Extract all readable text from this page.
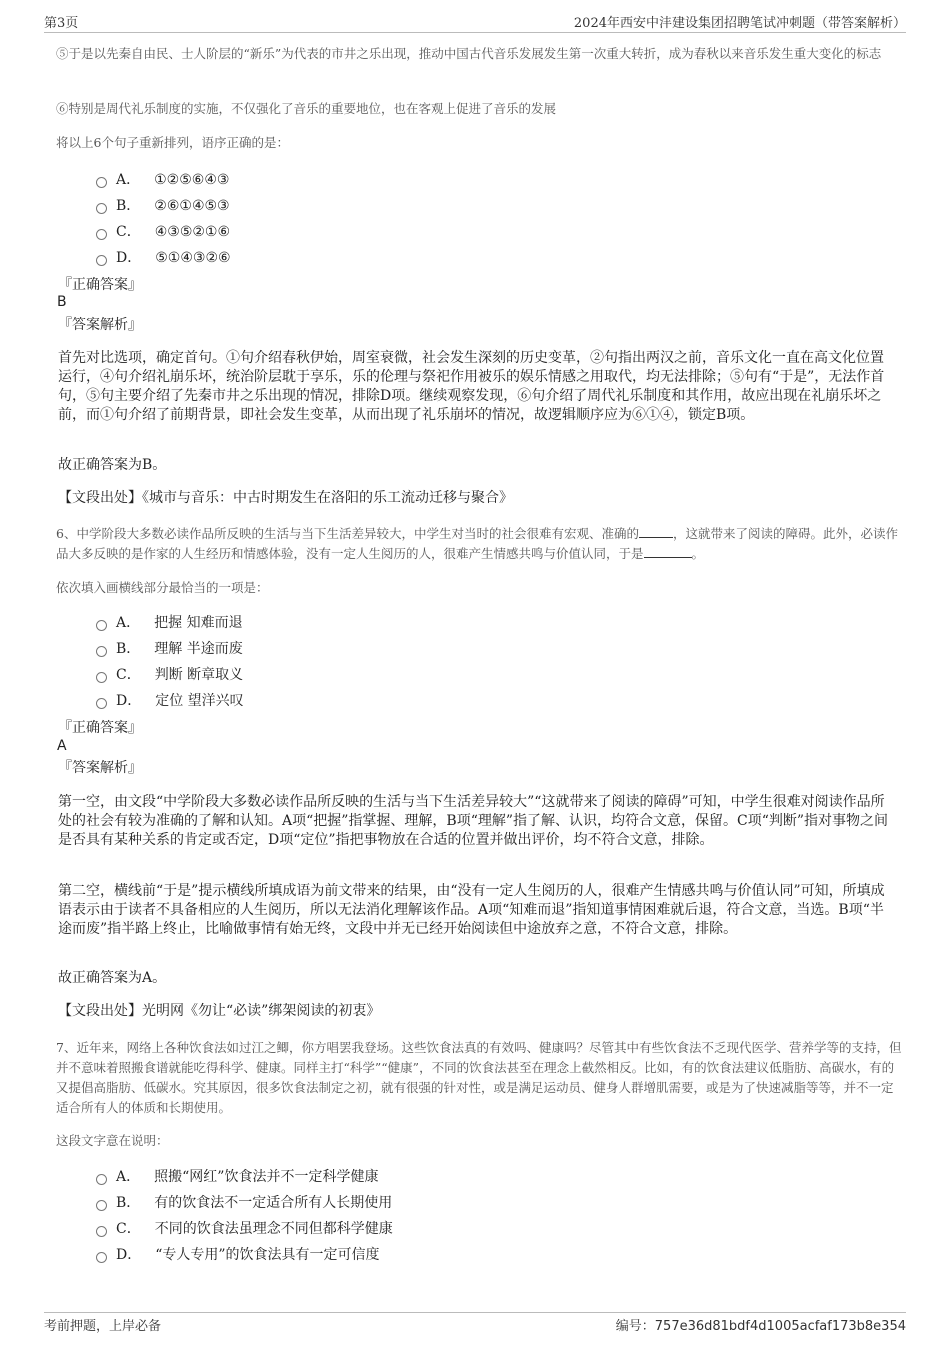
第3页	2024年西安中沣建设集团招聘笔试冲刺题（带答案解析）
⑤于是以先秦自由民、士人阶层的“新乐”为代表的市井之乐出现，推动中国古代音乐发展发生第一次重大转折，成为春秋以来音乐发生重大变化的标志
⑥特别是周代礼乐制度的实施，不仅强化了音乐的重要地位，也在客观上促进了音乐的发展
将以上6个句子重新排列，语序正确的是：
A． ①②⑤⑥④③
B． ②⑥①④⑤③
C． ④③⑤②①⑥
D． ⑤①④③②⑥
『正确答案』
B
『答案解析』
首先对比选项，确定首句。①句介绍春秋伊始，周室衰微，社会发生深刻的历史变革，②句指出两汉之前，音乐文化一直在高文化位置运行，④句介绍礼崩乐坏，统治阶层耽于享乐，乐的伦理与祭祀作用被乐的娱乐情感之用取代，均无法排除；⑤句有“于是”，无法作首句，⑤句主要介绍了先秦市井之乐出现的情况，排除D项。继续观察发现，⑥句介绍了周代礼乐制度和其作用，故应出现在礼崩乐坏之前，而①句介绍了前期背景，即社会发生变革，从而出现了礼乐崩坏的情况，故逻辑顺序应为⑥①④，锁定B项。
故正确答案为B。
【文段出处】《城市与音乐：中古时期发生在洛阳的乐工流动迁移与聚合》
6、中学阶段大多数必读作品所反映的生活与当下生活差异较大，中学生对当时的社会很难有宏观、准确的	，这就带来了阅读的障碍。此外，必读作品大多反映的是作家的人生经历和情感体验，没有一定人生阅历的人，很难产生情感共鸣与价值认同，于是	。
依次填入画横线部分最恰当的一项是：
A． 把握 知难而退
B． 理解 半途而废
C． 判断 断章取义
D． 定位 望洋兴叹
『正确答案』
A
『答案解析』
第一空，由文段“中学阶段大多数必读作品所反映的生活与当下生活差异较大”“这就带来了阅读的障碍”可知，中学生很难对阅读作品所处的社会有较为准确的了解和认知。A项“把握”指掌握、理解，B项“理解”指了解、认识，均符合文意，保留。C项“判断”指对事物之间是否具有某种关系的肯定或否定，D项“定位”指把事物放在合适的位置并做出评价，均不符合文意，排除。
第二空，横线前“于是”提示横线所填成语为前文带来的结果，由“没有一定人生阅历的人，很难产生情感共鸣与价值认同”可知，所填成语表示由于读者不具备相应的人生阅历，所以无法消化理解该作品。A项“知难而退”指知道事情困难就后退，符合文意，当选。B项“半途而废”指半路上终止，比喻做事情有始无终，文段中并无已经开始阅读但中途放弃之意，不符合文意，排除。
故正确答案为A。
【文段出处】光明网《勿让“必读”绑架阅读的初衷》
7、近年来，网络上各种饮食法如过江之鲫，你方唱罢我登场。这些饮食法真的有效吗、健康吗？尽管其中有些饮食法不乏现代医学、营养学等的支持，但并不意味着照搬食谱就能吃得科学、健康。同样主打“科学”“健康”，不同的饮食法甚至在理念上截然相反。比如，有的饮食法建议低脂肪、高碳水，有的又提倡高脂肪、低碳水。究其原因，很多饮食法制定之初，就有很强的针对性，或是满足运动员、健身人群增肌需要，或是为了快速减脂等等，并不一定适合所有人的体质和长期使用。
这段文字意在说明：
A． 照搬“网红”饮食法并不一定科学健康
B． 有的饮食法不一定适合所有人长期使用
C． 不同的饮食法虽理念不同但都科学健康
D． “专人专用”的饮食法具有一定可信度
考前押题，上岸必备	编号：757e36d81bdf4d1005acfaf173b8e354
